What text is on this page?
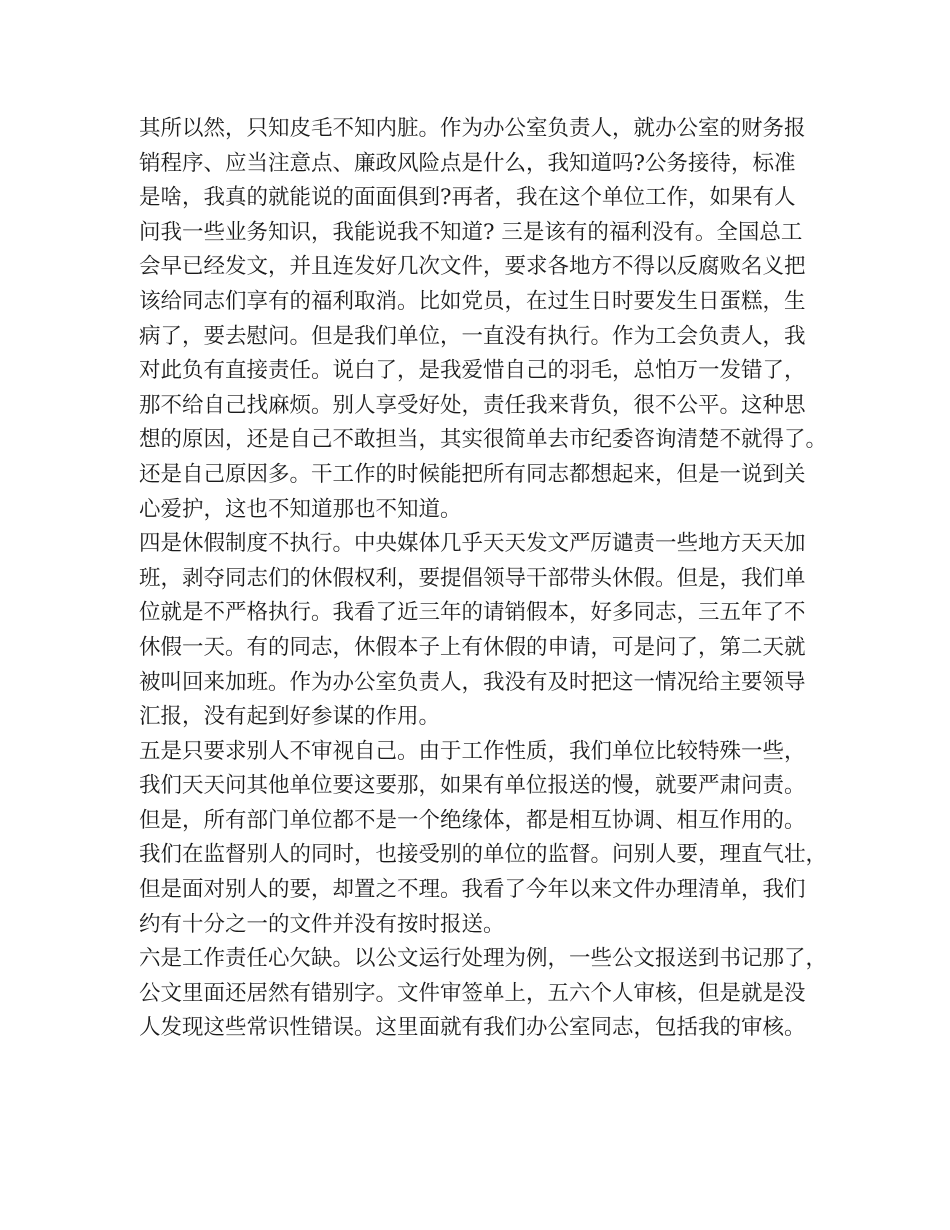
其所以然，只知皮毛不知内脏。作为办公室负责人，就办公室的财务报
销程序、应当注意点、廉政风险点是什么，我知道吗?公务接待，标准
是啥，我真的就能说的面面俱到?再者，我在这个单位工作，如果有人
问我一些业务知识，我能说我不知道? 三是该有的福利没有。全国总工
会早已经发文，并且连发好几次文件，要求各地方不得以反腐败名义把
该给同志们享有的福利取消。比如党员，在过生日时要发生日蛋糕，生
病了，要去慰问。但是我们单位，一直没有执行。作为工会负责人，我
对此负有直接责任。说白了，是我爱惜自己的羽毛，总怕万一发错了，
那不给自己找麻烦。别人享受好处，责任我来背负，很不公平。这种思
想的原因，还是自己不敢担当，其实很简单去市纪委咨询清楚不就得了。
还是自己原因多。干工作的时候能把所有同志都想起来，但是一说到关
心爱护，这也不知道那也不知道。
四是休假制度不执行。中央媒体几乎天天发文严厉谴责一些地方天天加
班，剥夺同志们的休假权利，要提倡领导干部带头休假。但是，我们单
位就是不严格执行。我看了近三年的请销假本，好多同志，三五年了不
休假一天。有的同志，休假本子上有休假的申请，可是问了，第二天就
被叫回来加班。作为办公室负责人，我没有及时把这一情况给主要领导
汇报，没有起到好参谋的作用。
五是只要求别人不审视自己。由于工作性质，我们单位比较特殊一些，
我们天天问其他单位要这要那，如果有单位报送的慢，就要严肃问责。
但是，所有部门单位都不是一个绝缘体，都是相互协调、相互作用的。
我们在监督别人的同时，也接受别的单位的监督。问别人要，理直气壮，
但是面对别人的要，却置之不理。我看了今年以来文件办理清单，我们
约有十分之一的文件并没有按时报送。
六是工作责任心欠缺。以公文运行处理为例，一些公文报送到书记那了，
公文里面还居然有错别字。文件审签单上，五六个人审核，但是就是没
人发现这些常识性错误。这里面就有我们办公室同志，包括我的审核。
